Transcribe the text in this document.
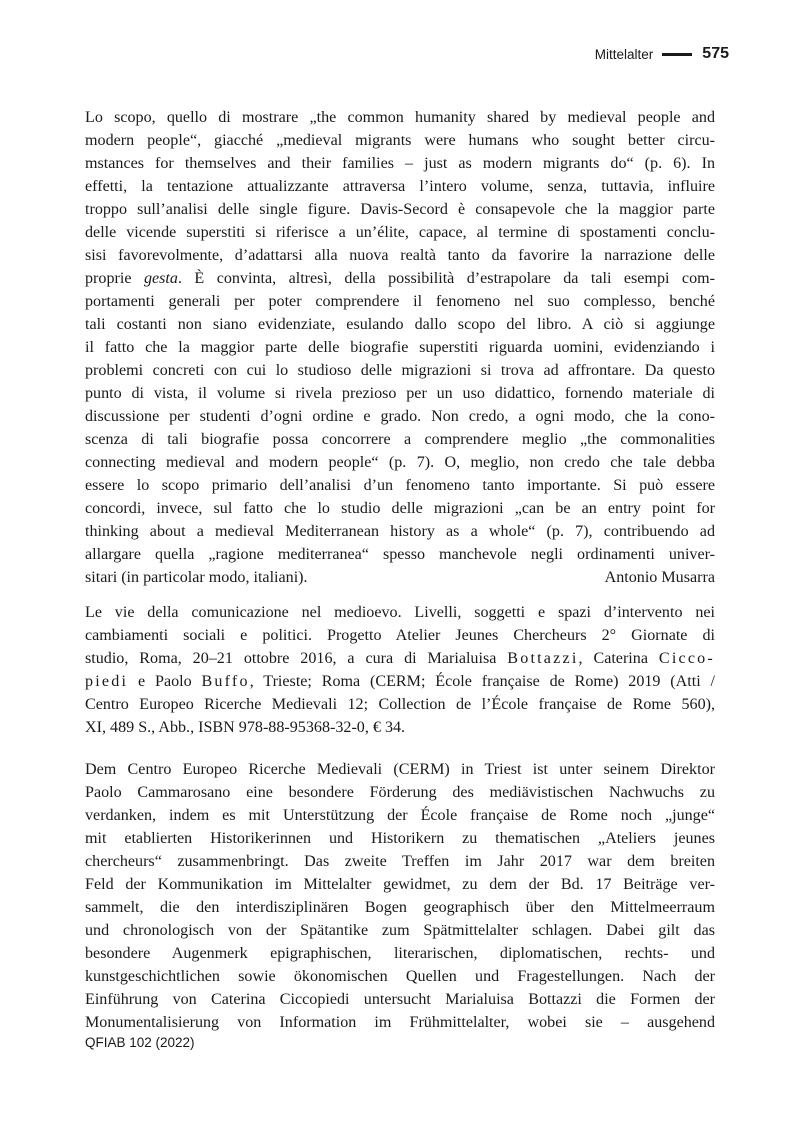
Mittelalter	575

Lo scopo, quello di mostrare „the common humanity shared by medieval people and

modern people“, giacché „medieval migrants were humans who sought better circu-

mstances for themselves and their families – just as modern migrants do“ (p. 6). In

effetti, la tentazione attualizzante attraversa l’intero volume, senza, tuttavia, influire

troppo sull’analisi delle single figure. Davis-Secord è consapevole che la maggior parte

delle vicende superstiti si riferisce a un’élite, capace, al termine di spostamenti conclu-

sisi favorevolmente, d’adattarsi alla nuova realtà tanto da favorire la narrazione delle

proprie gesta. È convinta, altresì, della possibilità d’estrapolare da tali esempi com-

portamenti generali per poter comprendere il fenomeno nel suo complesso, benché

tali costanti non siano evidenziate, esulando dallo scopo del libro. A ciò si aggiunge

il fatto che la maggior parte delle biografie superstiti riguarda uomini, evidenziando i

problemi concreti con cui lo studioso delle migrazioni si trova ad affrontare. Da questo

punto di vista, il volume si rivela prezioso per un uso didattico, fornendo materiale di

discussione per studenti d’ogni ordine e grado. Non credo, a ogni modo, che la cono-

scenza di tali biografie possa concorrere a comprendere meglio „the commonalities

connecting medieval and modern people“ (p. 7). O, meglio, non credo che tale debba

essere lo scopo primario dell’analisi d’un fenomeno tanto importante. Si può essere

concordi, invece, sul fatto che lo studio delle migrazioni „can be an entry point for

thinking about a medieval Mediterranean history as a whole“ (p. 7), contribuendo ad

allargare quella „ragione mediterranea“ spesso manchevole negli ordinamenti univer-

sitari (in particolar modo, italiani).	Antonio Musarra

Le vie della comunicazione nel medioevo. Livelli, soggetti e spazi d’intervento nei

cambiamenti sociali e politici. Progetto Atelier Jeunes Chercheurs 2° Giornate di

studio, Roma, 20–21 ottobre 2016, a cura di Marialuisa Bottazzi, Caterina Cicco-

piedi e Paolo Buffo, Trieste; Roma (CERM; École française de Rome) 2019 (Atti /

Centro Europeo Ricerche Medievali 12; Collection de l’École française de Rome 560),

XI, 489 S., Abb., ISBN 978-88-95368-32-0, € 34.

Dem Centro Europeo Ricerche Medievali (CERM) in Triest ist unter seinem Direktor

Paolo Cammarosano eine besondere Förderung des mediävistischen Nachwuchs zu

verdanken, indem es mit Unterstützung der École française de Rome noch „junge“

mit etablierten Historikerinnen und Historikern zu thematischen „Ateliers jeunes

chercheurs“ zusammenbringt. Das zweite Treffen im Jahr 2017 war dem breiten

Feld der Kommunikation im Mittelalter gewidmet, zu dem der Bd. 17 Beiträge ver-

sammelt, die den interdisziplinären Bogen geographisch über den Mittelmeerraum

und chronologisch von der Spätantike zum Spätmittelalter schlagen. Dabei gilt das

besondere Augenmerk epigraphischen, literarischen, diplomatischen, rechts- und

kunstgeschichtlichen sowie ökonomischen Quellen und Fragestellungen. Nach der

Einführung von Caterina Ciccopiedi untersucht Marialuisa Bottazzi die Formen der

Monumentalisierung von Information im Frühmittelalter, wobei sie – ausgehend

QFIAB 102 (2022)
